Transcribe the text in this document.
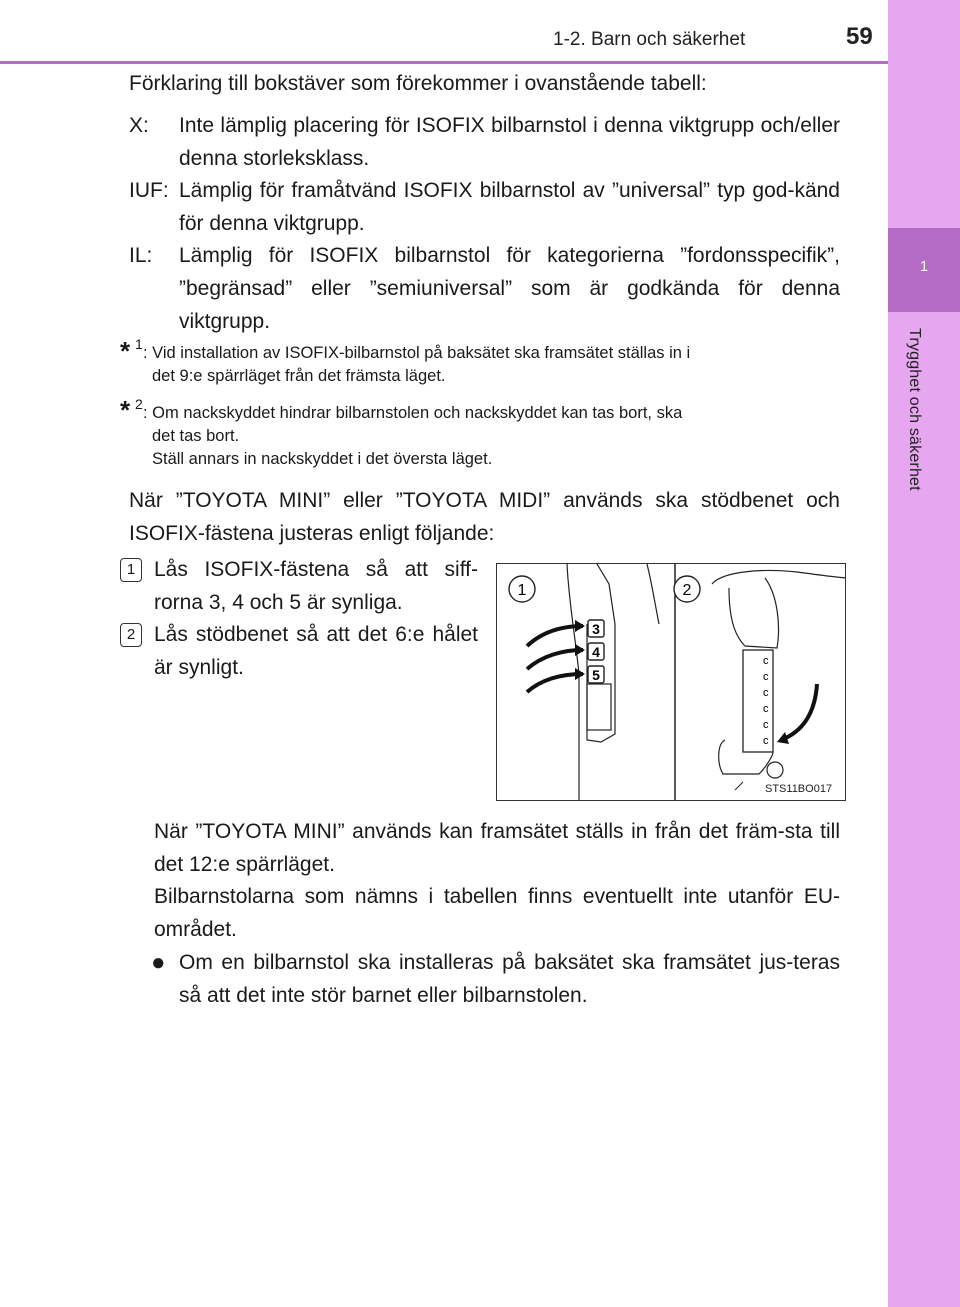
1
Trygghet och säkerhet
1-2. Barn och säkerhet	59
Förklaring till bokstäver som förekommer i ovanstående tabell:
X: Inte lämplig placering för ISOFIX bilbarnstol i denna viktgrupp och/eller denna storleksklass.
IUF: Lämplig för framåtvänd ISOFIX bilbarnstol av ”universal” typ god-känd för denna viktgrupp.
IL: Lämplig för ISOFIX bilbarnstol för kategorierna ”fordonsspecifik”, ”begränsad” eller ”semiuniversal” som är godkända för denna viktgrupp.
* 1 : Vid installation av ISOFIX-bilbarnstol på baksätet ska framsätet ställas in i
det 9:e spärrläget från det främsta läget.
* 2 : Om nackskyddet hindrar bilbarnstolen och nackskyddet kan tas bort, ska
det tas bort.
Ställ annars in nackskyddet i det översta läget.
När ”TOYOTA MINI” eller ”TOYOTA MIDI” används ska stödbenet och ISOFIX-fästena justeras enligt följande:
1 Lås ISOFIX-fästena så att siff-rorna 3, 4 och 5 är synliga.
2 Lås stödbenet så att det 6:e hålet är synligt.
3
4
5
1
c
c
c
c
c
c
2
STS11BO017
När ”TOYOTA MINI” används kan framsätet ställs in från det främ-sta till det 12:e spärrläget.
Bilbarnstolarna som nämns i tabellen finns eventuellt inte utanför EU-området.
● Om en bilbarnstol ska installeras på baksätet ska framsätet jus-teras så att det inte stör barnet eller bilbarnstolen.
